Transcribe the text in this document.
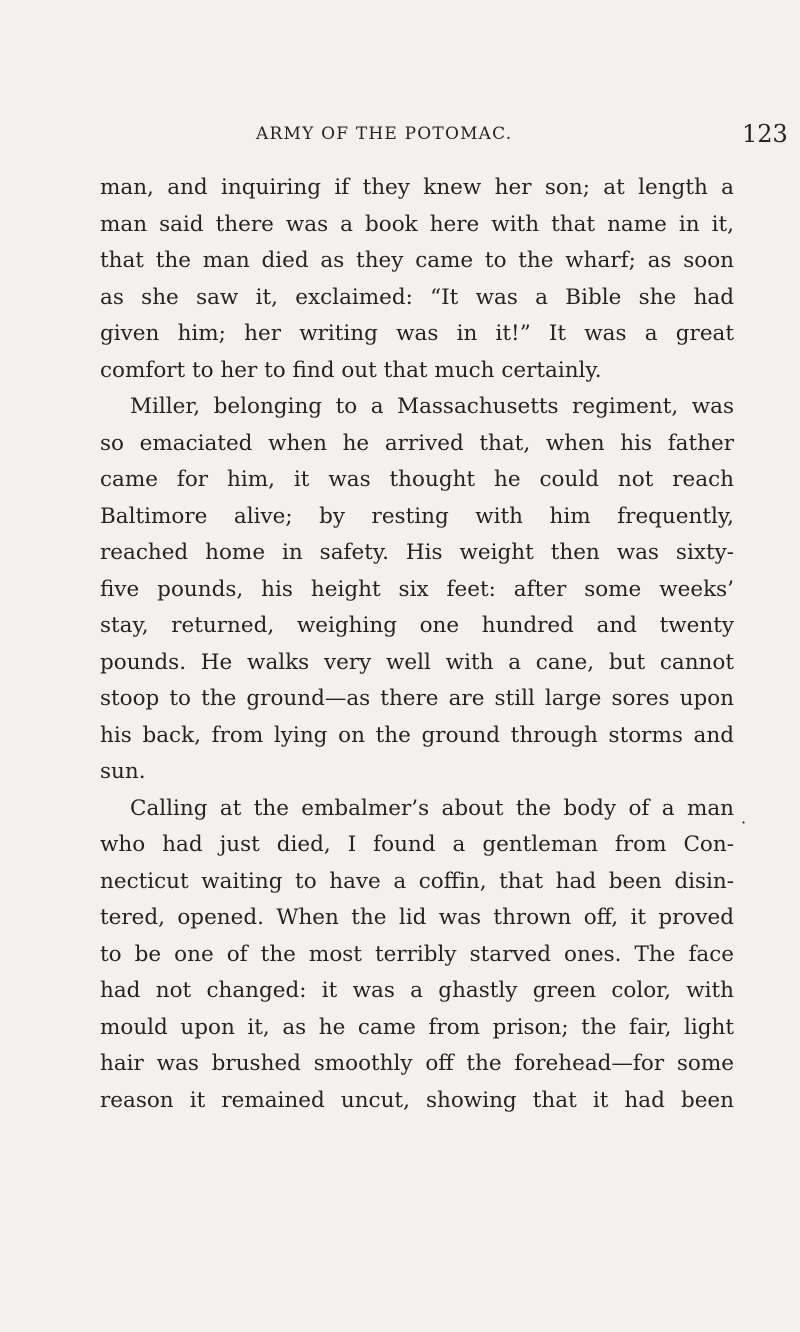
ARMY OF THE POTOMAC.	123
man, and inquiring if they knew her son; at length a
man said there was a book here with that name in it,
that the man died as they came to the wharf; as soon
as she saw it, exclaimed: “It was a Bible she had
given him; her writing was in it!” It was a great
comfort to her to find out that much certainly.
Miller, belonging to a Massachusetts regiment, was
so emaciated when he arrived that, when his father
came for him, it was thought he could not reach
Baltimore alive; by resting with him frequently,
reached home in safety. His weight then was sixty-
five pounds, his height six feet: after some weeks’
stay, returned, weighing one hundred and twenty
pounds. He walks very well with a cane, but cannot
stoop to the ground—as there are still large sores upon
his back, from lying on the ground through storms and
sun.
Calling at the embalmer’s about the body of a man
who had just died, I found a gentleman from Con-
necticut waiting to have a coffin, that had been disin-
tered, opened. When the lid was thrown off, it proved
to be one of the most terribly starved ones. The face
had not changed: it was a ghastly green color, with
mould upon it, as he came from prison; the fair, light
hair was brushed smoothly off the forehead—for some
reason it remained uncut, showing that it had been
·
